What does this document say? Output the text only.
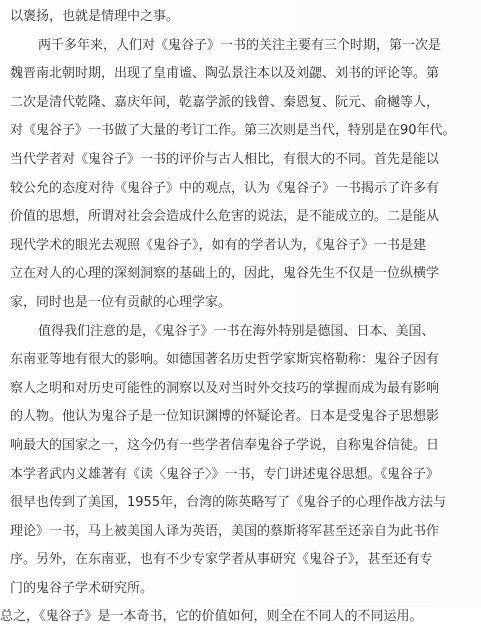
以褒扬，也就是情理中之事。
两千多年来，人们对《鬼谷子》一书的关注主要有三个时期，第一次是
魏晋南北朝时期，出现了皇甫谧、陶弘景注本以及刘勰、刘书的评论等。第
二次是清代乾隆、嘉庆年间，乾嘉学派的钱曾、秦恩复、阮元、俞樾等人，
对《鬼谷子》一书做了大量的考订工作。第三次则是当代，特别是在90年代。
当代学者对《鬼谷子》一书的评价与古人相比，有很大的不同。首先是能以
较公允的态度对待《鬼谷子》中的观点，认为《鬼谷子》一书揭示了许多有
价值的思想，所谓对社会会造成什么危害的说法，是不能成立的。二是能从
现代学术的眼光去观照《鬼谷子》，如有的学者认为，《鬼谷子》一书是建
立在对人的心理的深刻洞察的基础上的，因此，鬼谷先生不仅是一位纵横学
家，同时也是一位有贡献的心理学家。
值得我们注意的是，《鬼谷子》一书在海外特别是德国、日本、美国、
东南亚等地有很大的影响。如德国著名历史哲学家斯宾格勒称：鬼谷子因有
察人之明和对历史可能性的洞察以及对当时外交技巧的掌握而成为最有影响
的人物。他认为鬼谷子是一位知识渊博的怀疑论者。日本是受鬼谷子思想影
响最大的国家之一，这今仍有一些学者信奉鬼谷子学说，自称鬼谷信徒。日
本学者武内义雄著有《读〈鬼谷子〉》一书，专门讲述鬼谷思想。《鬼谷子》
很早也传到了美国，1955年，台湾的陈英略写了《鬼谷子的心理作战方法与
理论》一书，马上被美国人译为英语，美国的蔡斯将军甚至还亲自为此书作
序。另外，在东南亚，也有不少专家学者从事研究《鬼谷子》，甚至还有专
门的鬼谷子学术研究所。
总之，《鬼谷子》是一本奇书，它的价值如何，则全在不同人的不同运用。
